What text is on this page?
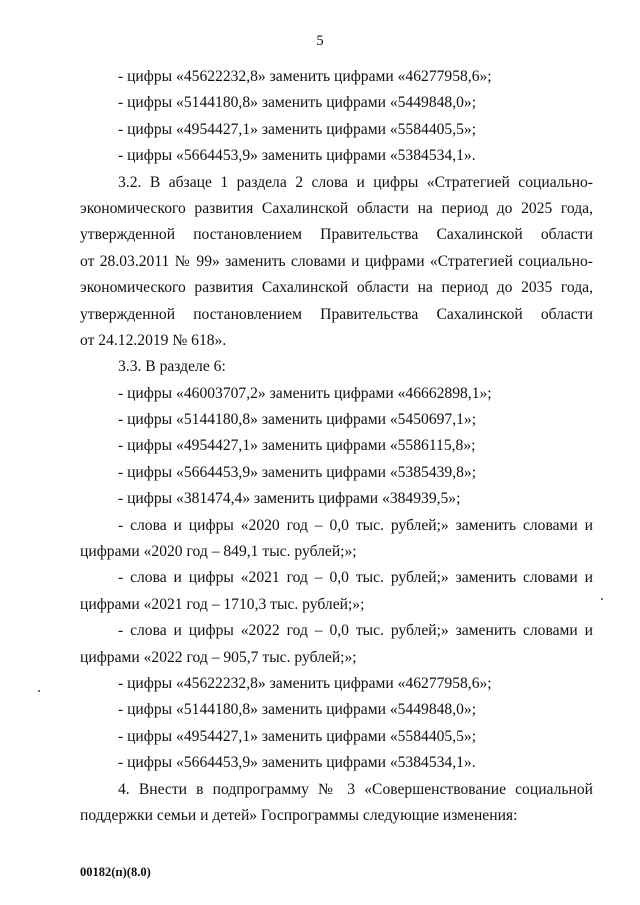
5
- цифры «45622232,8» заменить цифрами «46277958,6»;
- цифры «5144180,8» заменить цифрами «5449848,0»;
- цифры «4954427,1» заменить цифрами «5584405,5»;
- цифры «5664453,9» заменить цифрами «5384534,1».
3.2. В абзаце 1 раздела 2 слова и цифры «Стратегией социально-
экономического развития Сахалинской области на период до 2025 года,
утвержденной постановлением Правительства Сахалинской области
от 28.03.2011 № 99» заменить словами и цифрами «Стратегией социально-
экономического развития Сахалинской области на период до 2035 года,
утвержденной постановлением Правительства Сахалинской области
от 24.12.2019 № 618».
3.3. В разделе 6:
- цифры «46003707,2» заменить цифрами «46662898,1»;
- цифры «5144180,8» заменить цифрами «5450697,1»;
- цифры «4954427,1» заменить цифрами «5586115,8»;
- цифры «5664453,9» заменить цифрами «5385439,8»;
- цифры «381474,4» заменить цифрами «384939,5»;
- слова и цифры «2020 год – 0,0 тыс. рублей;» заменить словами и
цифрами «2020 год – 849,1 тыс. рублей;»;
- слова и цифры «2021 год – 0,0 тыс. рублей;» заменить словами и
цифрами «2021 год – 1710,3 тыс. рублей;»;
- слова и цифры «2022 год – 0,0 тыс. рублей;» заменить словами и
цифрами «2022 год – 905,7 тыс. рублей;»;
- цифры «45622232,8» заменить цифрами «46277958,6»;
- цифры «5144180,8» заменить цифрами «5449848,0»;
- цифры «4954427,1» заменить цифрами «5584405,5»;
- цифры «5664453,9» заменить цифрами «5384534,1».
4. Внести в подпрограмму № 3 «Совершенствование социальной
поддержки семьи и детей» Госпрограммы следующие изменения:
00182(п)(8.0)
